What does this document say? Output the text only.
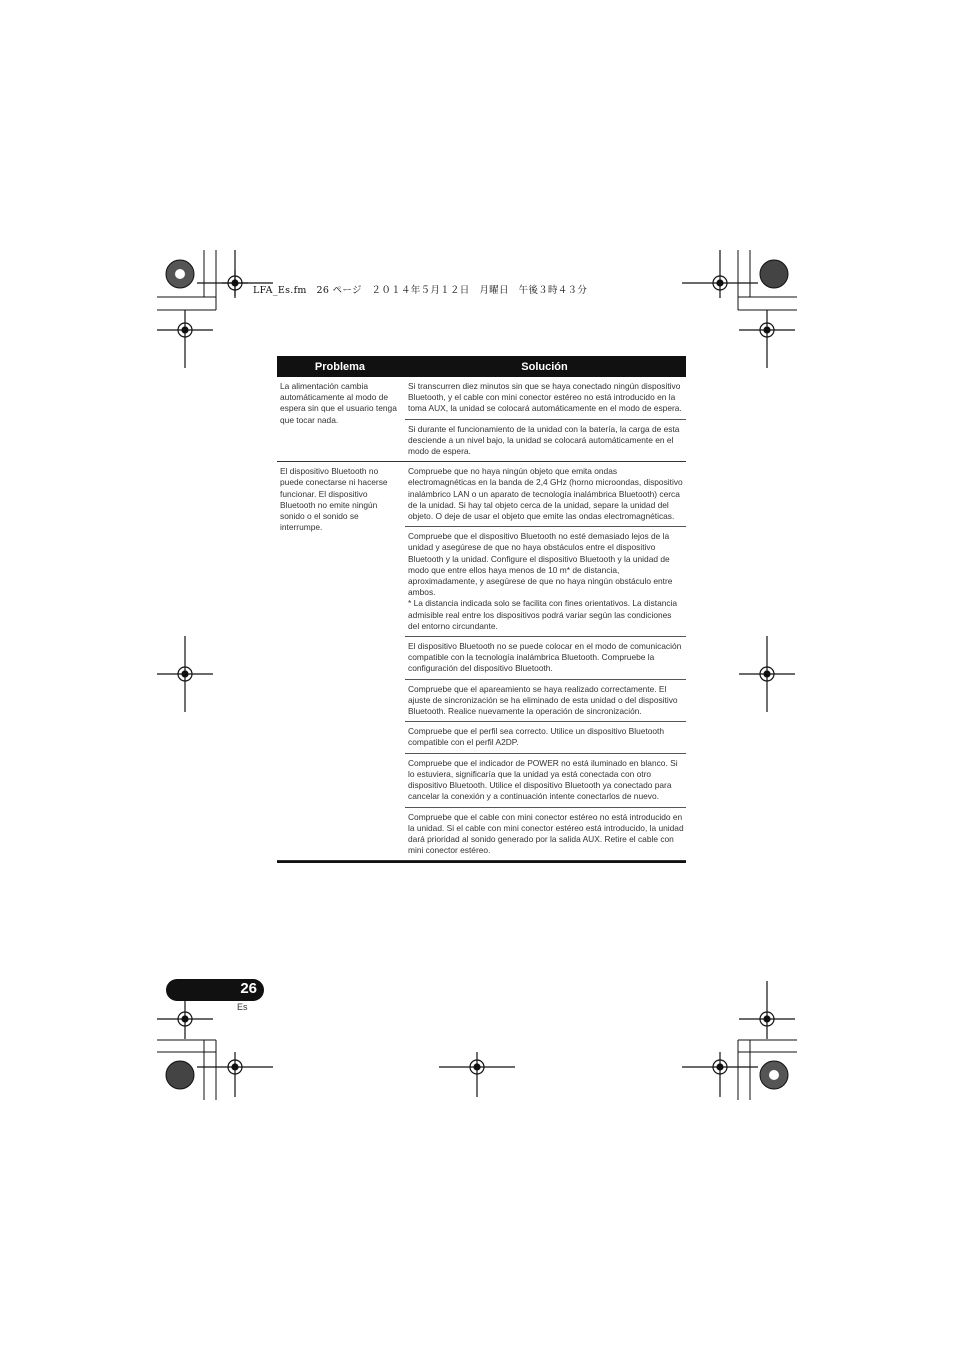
LFA_Es.fm　26 ページ　２０１４年５月１２日　月曜日　午後３時４３分
Problema	Solución
La alimentación cambia automáticamente al modo de espera sin que el usuario tenga que tocar nada.
Si transcurren diez minutos sin que se haya conectado ningún dispositivo Bluetooth, y el cable con mini conector estéreo no está introducido en la toma AUX, la unidad se colocará automáticamente en el modo de espera.
Si durante el funcionamiento de la unidad con la batería, la carga de esta desciende a un nivel bajo, la unidad se colocará automáticamente en el modo de espera.
El dispositivo Bluetooth no puede conectarse ni hacerse funcionar. El dispositivo Bluetooth no emite ningún sonido o el sonido se interrumpe.
Compruebe que no haya ningún objeto que emita ondas electromagnéticas en la banda de 2,4 GHz (horno microondas, dispositivo inalámbrico LAN o un aparato de tecnología inalámbrica Bluetooth) cerca de la unidad. Si hay tal objeto cerca de la unidad, separe la unidad del objeto. O deje de usar el objeto que emite las ondas electromagnéticas.
Compruebe que el dispositivo Bluetooth no esté demasiado lejos de la unidad y asegúrese de que no haya obstáculos entre el dispositivo Bluetooth y la unidad. Configure el dispositivo Bluetooth y la unidad de modo que entre ellos haya menos de 10 m* de distancia, aproximadamente, y asegúrese de que no haya ningún obstáculo entre ambos.
* La distancia indicada solo se facilita con fines orientativos. La distancia admisible real entre los dispositivos podrá variar según las condiciones del entorno circundante.
El dispositivo Bluetooth no se puede colocar en el modo de comunicación compatible con la tecnología inalámbrica Bluetooth. Compruebe la configuración del dispositivo Bluetooth.
Compruebe que el apareamiento se haya realizado correctamente. El ajuste de sincronización se ha eliminado de esta unidad o del dispositivo Bluetooth. Realice nuevamente la operación de sincronización.
Compruebe que el perfil sea correcto. Utilice un dispositivo Bluetooth compatible con el perfil A2DP.
Compruebe que el indicador de POWER no está iluminado en blanco. Si lo estuviera, significaría que la unidad ya está conectada con otro dispositivo Bluetooth. Utilice el dispositivo Bluetooth ya conectado para cancelar la conexión y a continuación intente conectarlos de nuevo.
Compruebe que el cable con mini conector estéreo no está introducido en la unidad. Si el cable con mini conector estéreo está introducido, la unidad dará prioridad al sonido generado por la salida AUX. Retire el cable con mini conector estéreo.
26
Es
